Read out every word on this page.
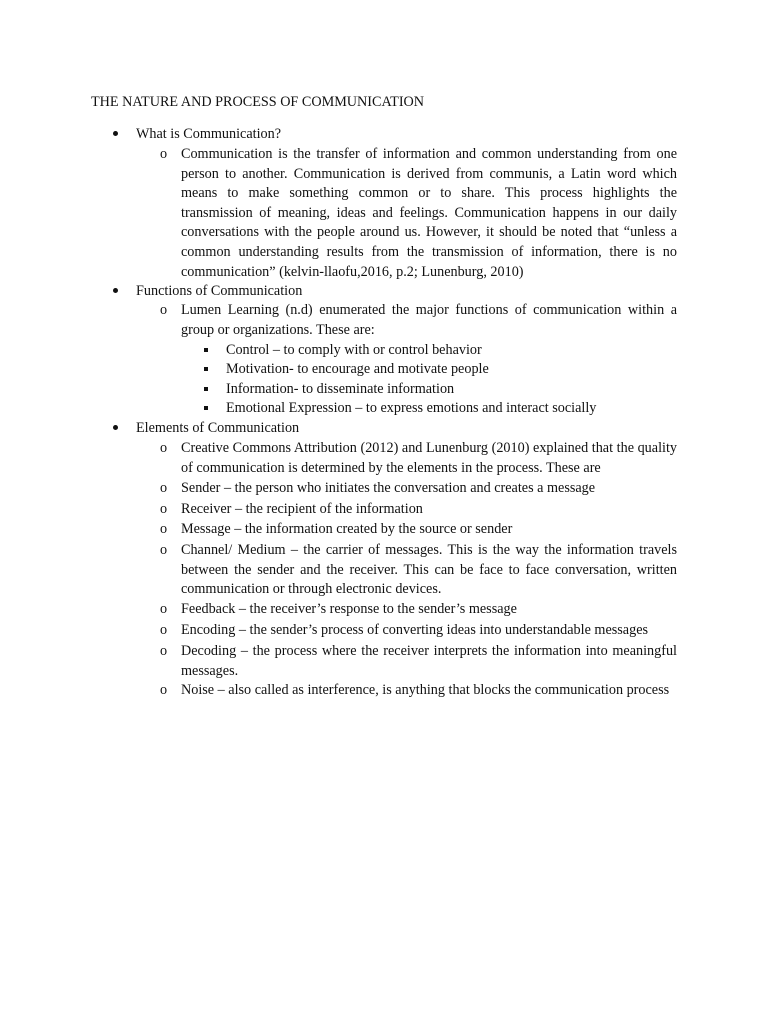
THE NATURE AND PROCESS OF COMMUNICATION
What is Communication?
o Communication is the transfer of information and common understanding from one person to another. Communication is derived from communis, a Latin word which means to make something common or to share. This process highlights the transmission of meaning, ideas and feelings. Communication happens in our daily conversations with the people around us. However, it should be noted that “unless a common understanding results from the transmission of information, there is no communication” (kelvin-llaofu,2016, p.2; Lunenburg, 2010)
Functions of Communication
o Lumen Learning (n.d) enumerated the major functions of communication within a group or organizations. These are:
Control – to comply with or control behavior
Motivation- to encourage and motivate people
Information- to disseminate information
Emotional Expression – to express emotions and interact socially
Elements of Communication
o Creative Commons Attribution (2012) and Lunenburg (2010) explained that the quality of communication is determined by the elements in the process. These are
o Sender – the person who initiates the conversation and creates a message
o Receiver – the recipient of the information
o Message – the information created by the source or sender
o Channel/ Medium – the carrier of messages. This is the way the information travels between the sender and the receiver. This can be face to face conversation, written communication or through electronic devices.
o Feedback – the receiver’s response to the sender’s message
o Encoding – the sender’s process of converting ideas into understandable messages
o Decoding – the process where the receiver interprets the information into meaningful messages.
o Noise – also called as interference, is anything that blocks the communication process
